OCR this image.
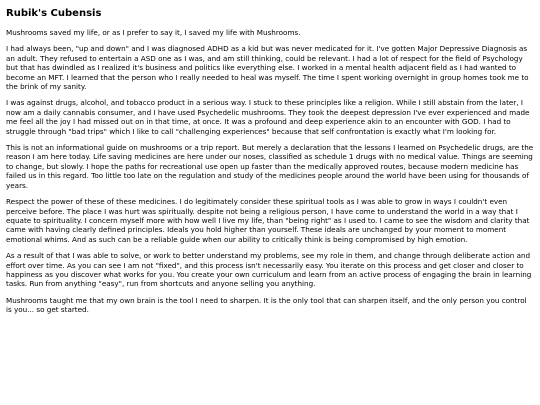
Rubik's Cubensis

Mushrooms saved my life, or as I prefer to say it, I saved my life with Mushrooms.

I had always been, "up and down" and I was diagnosed ADHD as a kid but was never medicated for it. I've gotten Major Depressive Diagnosis as an adult. They refused to entertain a ASD one as I was, and am still thinking, could be relevant. I had a lot of respect for the field of Psychology but that has dwindled as I realized it's business and politics like everything else. I worked in a mental health adjacent field as I had wanted to become an MFT. I learned that the person who I really needed to heal was myself. The time I spent working overnight in group homes took me to the brink of my sanity.

I was against drugs, alcohol, and tobacco product in a serious way. I stuck to these principles like a religion. While I still abstain from the later, I now am a daily cannabis consumer, and I have used Psychedelic mushrooms. They took the deepest depression I've ever experienced and made me feel all the joy I had missed out on in that time, at once. It was a profound and deep experience akin to an encounter with GOD. I had to struggle through "bad trips" which I like to call "challenging experiences" because that self confrontation is exactly what I'm looking for.

This is not an informational guide on mushrooms or a trip report. But merely a declaration that the lessons I learned on Psychedelic drugs, are the reason I am here today. Life saving medicines are here under our noses, classified as schedule 1 drugs with no medical value. Things are seeming to change, but slowly. I hope the paths for recreational use open up faster than the medically approved routes, because modern medicine has failed us in this regard. Too little too late on the regulation and study of the medicines people around the world have been using for thousands of years.

Respect the power of these of these medicines. I do legitimately consider these spiritual tools as I was able to grow in ways I couldn't even perceive before. The place I was hurt was spiritually. despite not being a religious person, I have come to understand the world in a way that I equate to spirituality. I concern myself more with how well I live my life, than "being right" as I used to. I came to see the wisdom and clarity that came with having clearly defined principles. Ideals you hold higher than yourself. These ideals are unchanged by your moment to moment emotional whims. And as such can be a reliable guide when our ability to critically think is being compromised by high emotion.

As a result of that I was able to solve, or work to better understand my problems, see my role in them, and change through deliberate action and effort over time. As you can see I am not "fixed", and this process isn't necessarily easy. You iterate on this process and get closer and closer to happiness as you discover what works for you. You create your own curriculum and learn from an active process of engaging the brain in learning tasks. Run from anything "easy", run from shortcuts and anyone selling you anything.

Mushrooms taught me that my own brain is the tool I need to sharpen. It is the only tool that can sharpen itself, and the only person you control is you... so get started.
